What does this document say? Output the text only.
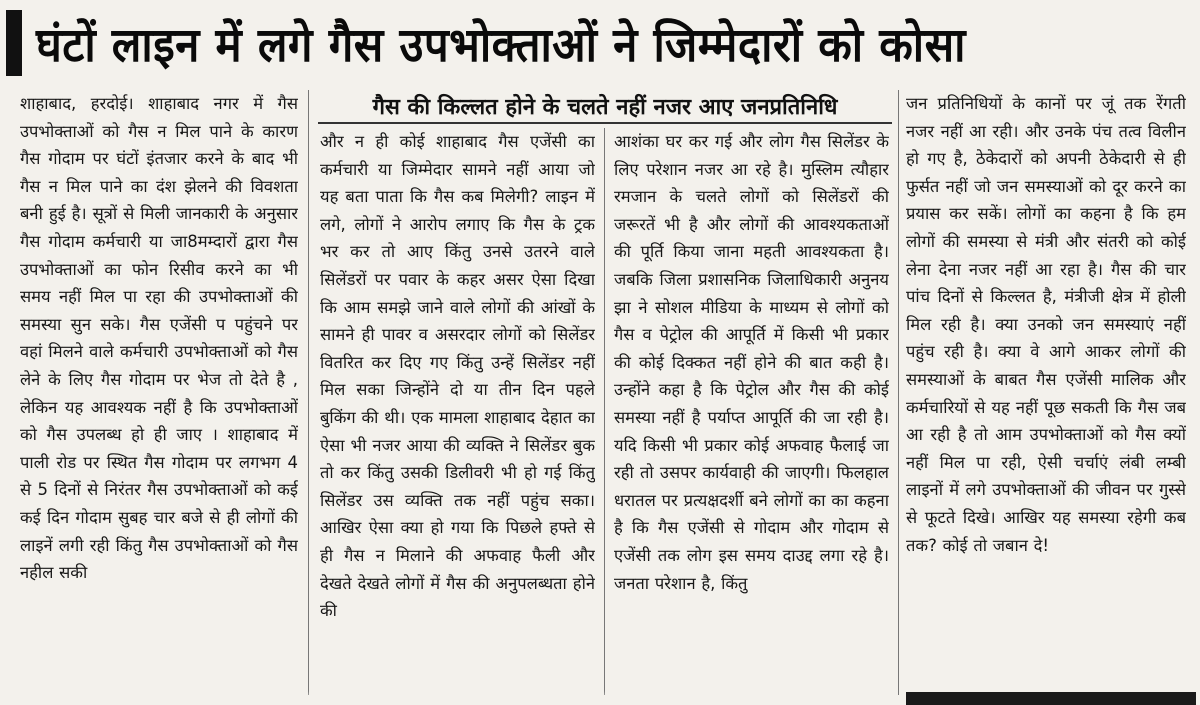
घंटों लाइन में लगे गैस उपभोक्ताओं ने जिम्मेदारों को कोसा
गैस की किल्लत होने के चलते नहीं नजर आए जनप्रतिनिधि

शाहाबाद, हरदोई। शाहाबाद नगर में गैस उपभोक्ताओं को गैस न मिल पाने के कारण गैस गोदाम पर घंटों इंतजार करने के बाद भी गैस न मिल पाने का दंश झेलने की विवशता बनी हुई है। सूत्रों से मिली जानकारी के अनुसार गैस गोदाम कर्मचारी या जा8मम्दारों द्वारा गैस उपभोक्ताओं का फोन रिसीव करने का भी समय नहीं मिल पा रहा की उपभोक्ताओं की समस्या सुन सके। गैस एजेंसी प पहुंचने पर वहां मिलने वाले कर्मचारी उपभोक्ताओं को गैस लेने के लिए गैस गोदाम पर भेज तो देते है , लेकिन यह आवश्यक नहीं है कि उपभोक्ताओं को गैस उपलब्ध हो ही जाए । शाहाबाद में पाली रोड पर स्थित गैस गोदाम पर लगभग 4 से 5 दिनों से निरंतर गैस उपभोक्ताओं को कई कई दिन गोदाम सुबह चार बजे से ही लोगों की लाइनें लगी रही किंतु गैस उपभोक्ताओं को गैस नहील सकी

और न ही कोई शाहाबाद गैस एजेंसी का कर्मचारी या जिम्मेदार सामने नहीं आया जो यह बता पाता कि गैस कब मिलेगी? लाइन में लगे, लोगों ने आरोप लगाए कि गैस के ट्रक भर कर तो आए किंतु उनसे उतरने वाले सिलेंडरों पर पवार के कहर असर ऐसा दिखा कि आम समझे जाने वाले लोगों की आंखों के सामने ही पावर व असरदार लोगों को सिलेंडर वितरित कर दिए गए किंतु उन्हें सिलेंडर नहीं मिल सका जिन्होंने दो या तीन दिन पहले बुकिंग की थी। एक मामला शाहाबाद देहात का ऐसा भी नजर आया की व्यक्ति ने सिलेंडर बुक तो कर किंतु उसकी डिलीवरी भी हो गई किंतु सिलेंडर उस व्यक्ति तक नहीं पहुंच सका। आखिर ऐसा क्या हो गया कि पिछले हफ्ते से ही गैस न मिलाने की अफवाह फैली और देखते देखते लोगों में गैस की अनुपलब्धता होने की

आशंका घर कर गई और लोग गैस सिलेंडर के लिए परेशान नजर आ रहे है। मुस्लिम त्यौहार रमजान के चलते लोगों को सिलेंडरों की जरूरतें भी है और लोगों की आवश्यकताओं की पूर्ति किया जाना महती आवश्यकता है। जबकि जिला प्रशासनिक जिलाधिकारी अनुनय झा ने सोशल मीडिया के माध्यम से लोगों को गैस व पेट्रोल की आपूर्ति में किसी भी प्रकार की कोई दिक्कत नहीं होने की बात कही है। उन्होंने कहा है कि पेट्रोल और गैस की कोई समस्या नहीं है पर्याप्त आपूर्ति की जा रही है। यदि किसी भी प्रकार कोई अफवाह फैलाई जा रही तो उसपर कार्यवाही की जाएगी। फिलहाल धरातल पर प्रत्यक्षदर्शी बने लोगों का का कहना है कि गैस एजेंसी से गोदाम और गोदाम से एजेंसी तक लोग इस समय दाउद्द लगा रहे है। जनता परेशान है, किंतु

जन प्रतिनिधियों के कानों पर जूं तक रेंगती नजर नहीं आ रही। और उनके पंच तत्व विलीन हो गए है, ठेकेदारों को अपनी ठेकेदारी से ही फुर्सत नहीं जो जन समस्याओं को दूर करने का प्रयास कर सकें। लोगों का कहना है कि हम लोगों की समस्या से मंत्री और संतरी को कोई लेना देना नजर नहीं आ रहा है। गैस की चार पांच दिनों से किल्लत है, मंत्रीजी क्षेत्र में होली मिल रही है। क्या उनको जन समस्याएं नहीं पहुंच रही है। क्या वे आगे आकर लोगों की समस्याओं के बाबत गैस एजेंसी मालिक और कर्मचारियों से यह नहीं पूछ सकती कि गैस जब आ रही है तो आम उपभोक्ताओं को गैस क्यों नहीं मिल पा रही, ऐसी चर्चाएं लंबी लम्बी लाइनों में लगे उपभोक्ताओं की जीवन पर गुस्से से फूटते दिखे। आखिर यह समस्या रहेगी कब तक? कोई तो जबान दे!
